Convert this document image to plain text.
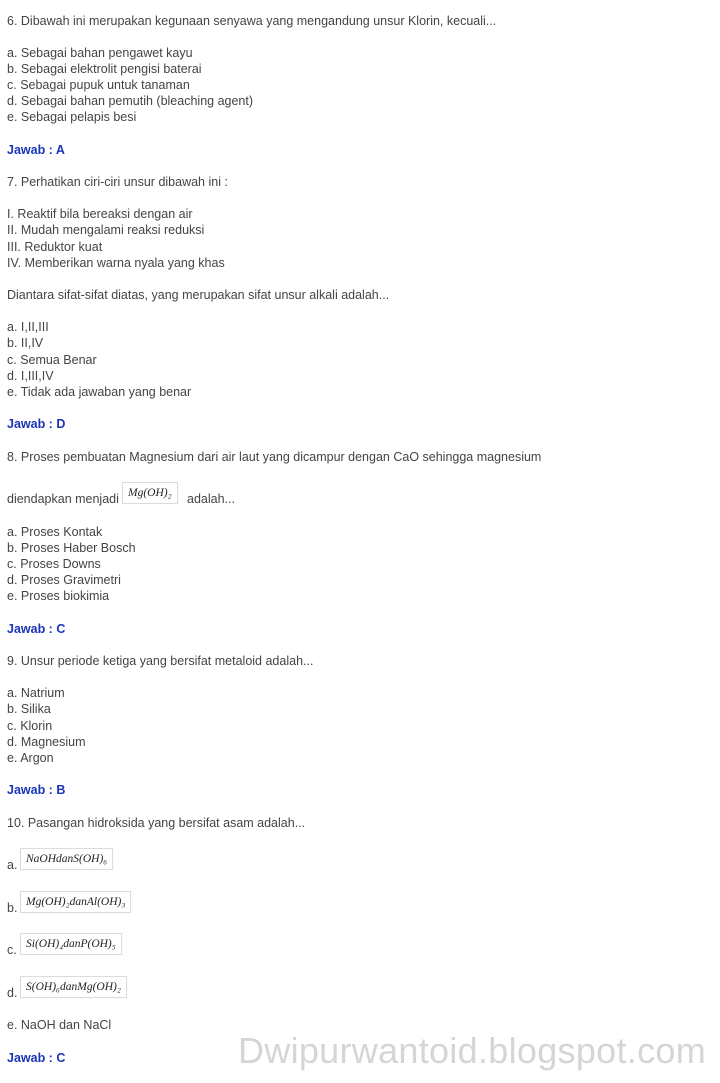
6. Dibawah ini merupakan kegunaan senyawa yang mengandung unsur Klorin, kecuali...
a. Sebagai bahan pengawet kayu
b. Sebagai elektrolit pengisi baterai
c. Sebagai pupuk untuk tanaman
d. Sebagai bahan pemutih (bleaching agent)
e. Sebagai pelapis besi
Jawab : A
7. Perhatikan ciri-ciri unsur dibawah ini :
I. Reaktif bila bereaksi dengan air
II. Mudah mengalami reaksi reduksi
III. Reduktor kuat
IV. Memberikan warna nyala yang khas
Diantara sifat-sifat diatas, yang merupakan sifat unsur alkali adalah...
a. I,II,III
b. II,IV
c. Semua Benar
d. I,III,IV
e. Tidak ada jawaban yang benar
Jawab : D
8. Proses pembuatan Magnesium dari air laut yang dicampur dengan CaO sehingga magnesium
diendapkan menjadi Mg(OH)₂	adalah...
a. Proses Kontak
b. Proses Haber Bosch
c. Proses Downs
d. Proses Gravimetri
e. Proses biokimia
Jawab : C
9. Unsur periode ketiga yang bersifat metaloid adalah...
a. Natrium
b. Silika
c. Klorin
d. Magnesium
e. Argon
Jawab : B
10. Pasangan hidroksida yang bersifat asam adalah...
a. NaOHdanS(OH)₆
b. Mg(OH)₂danAl(OH)₃
c. Si(OH)₄danP(OH)₅
d. S(OH)₆danMg(OH)₂
e. NaOH dan NaCl
Jawab : C	Dwipurwantoid.blogspot.com
